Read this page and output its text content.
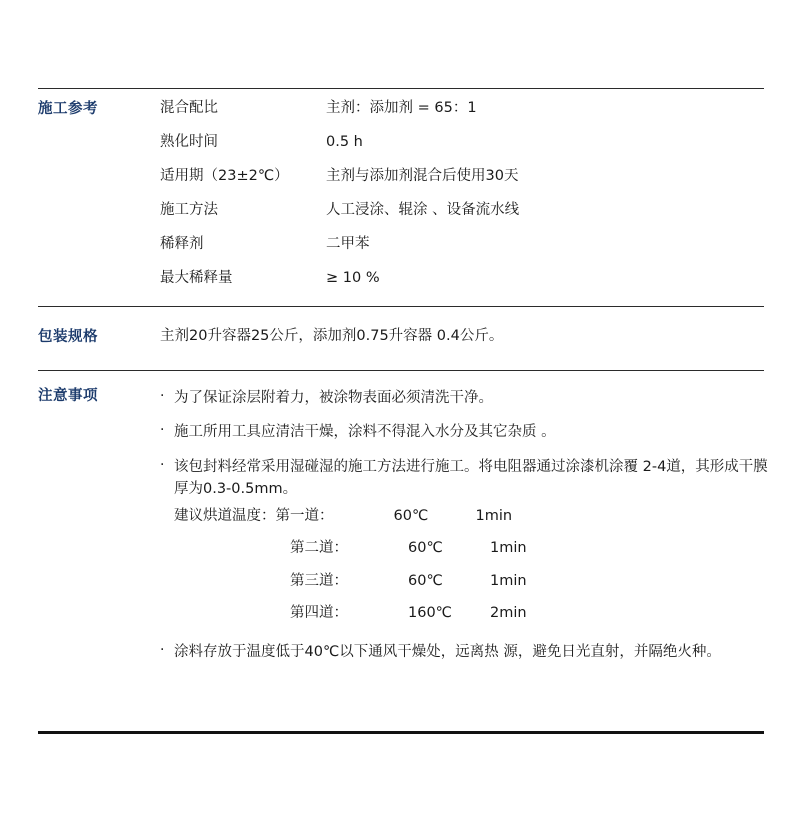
施工参考	混合配比	主剂：添加剂 = 65：1
熟化时间	0.5 h
适用期（23±2℃）	主剂与添加剂混合后使用30天
施工方法	人工浸涂、辊涂 、设备流水线
稀释剂	二甲苯
最大稀释量	≥ 10 %
包装规格	主剂20升容器25公斤，添加剂0.75升容器 0.4公斤。
注意事项	· 为了保证涂层附着力，被涂物表面必须清洗干净。
· 施工所用工具应清洁干燥，涂料不得混入水分及其它杂质 。
· 该包封料经常采用湿碰湿的施工方法进行施工。将电阻器通过涂漆机涂覆 2-4道，其形成干膜厚为0.3-0.5mm。
建议烘道温度： 第一道：	60℃	1min
第二道：	60℃	1min
第三道：	60℃	1min
第四道：	160℃	2min
· 涂料存放于温度低于40℃以下通风干燥处，远离热 源，避免日光直射，并隔绝火种。
